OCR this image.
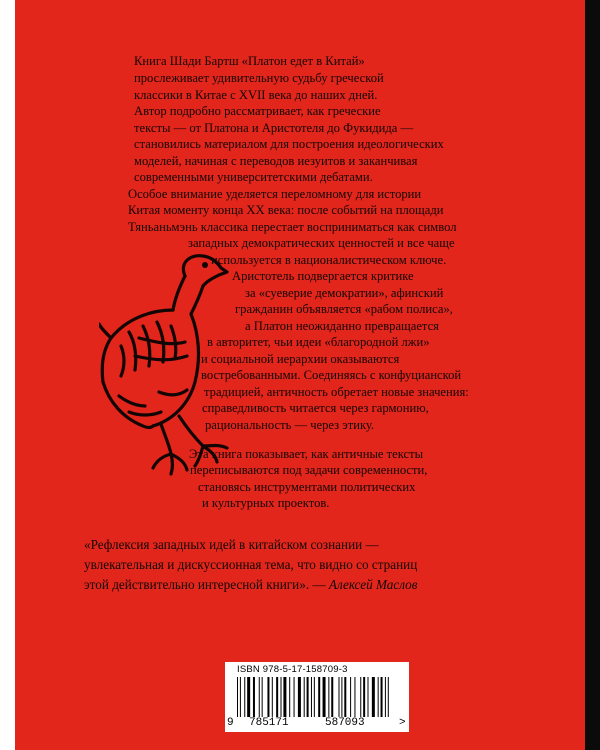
Книга Шади Бартш «Платон едет в Китай»

прослеживает удивительную судьбу греческой

классики в Китае с XVII века до наших дней.

Автор подробно рассматривает, как греческие

тексты — от Платона и Аристотеля до Фукидида —

становились материалом для построения идеологических

моделей, начиная с переводов иезуитов и заканчивая

современными университетскими дебатами.

Особое внимание уделяется переломному для истории

Китая моменту конца XX века: после событий на площади

Тяньаньмэнь классика перестает восприниматься как символ

западных демократических ценностей и все чаще

используется в националистическом ключе.

Аристотель подвергается критике

за «суеверие демократии», афинский

гражданин объявляется «рабом полиса»,

а Платон неожиданно превращается

в авторитет, чьи идеи «благородной лжи»

и социальной иерархии оказываются

востребованными. Соединяясь с конфуцианской

традицией, античность обретает новые значения:

справедливость читается через гармонию,

рациональность — через этику.

Эта книга показывает, как античные тексты

переписываются под задачи современности,

становясь инструментами политических

и культурных проектов.

«Рефлексия западных идей в китайском сознании —
увлекательная и дискуссионная тема, что видно со страниц
этой действительно интересной книги». — Алексей Маслов
ISBN 978-5-17-158709-3
9 785171	587093	>
